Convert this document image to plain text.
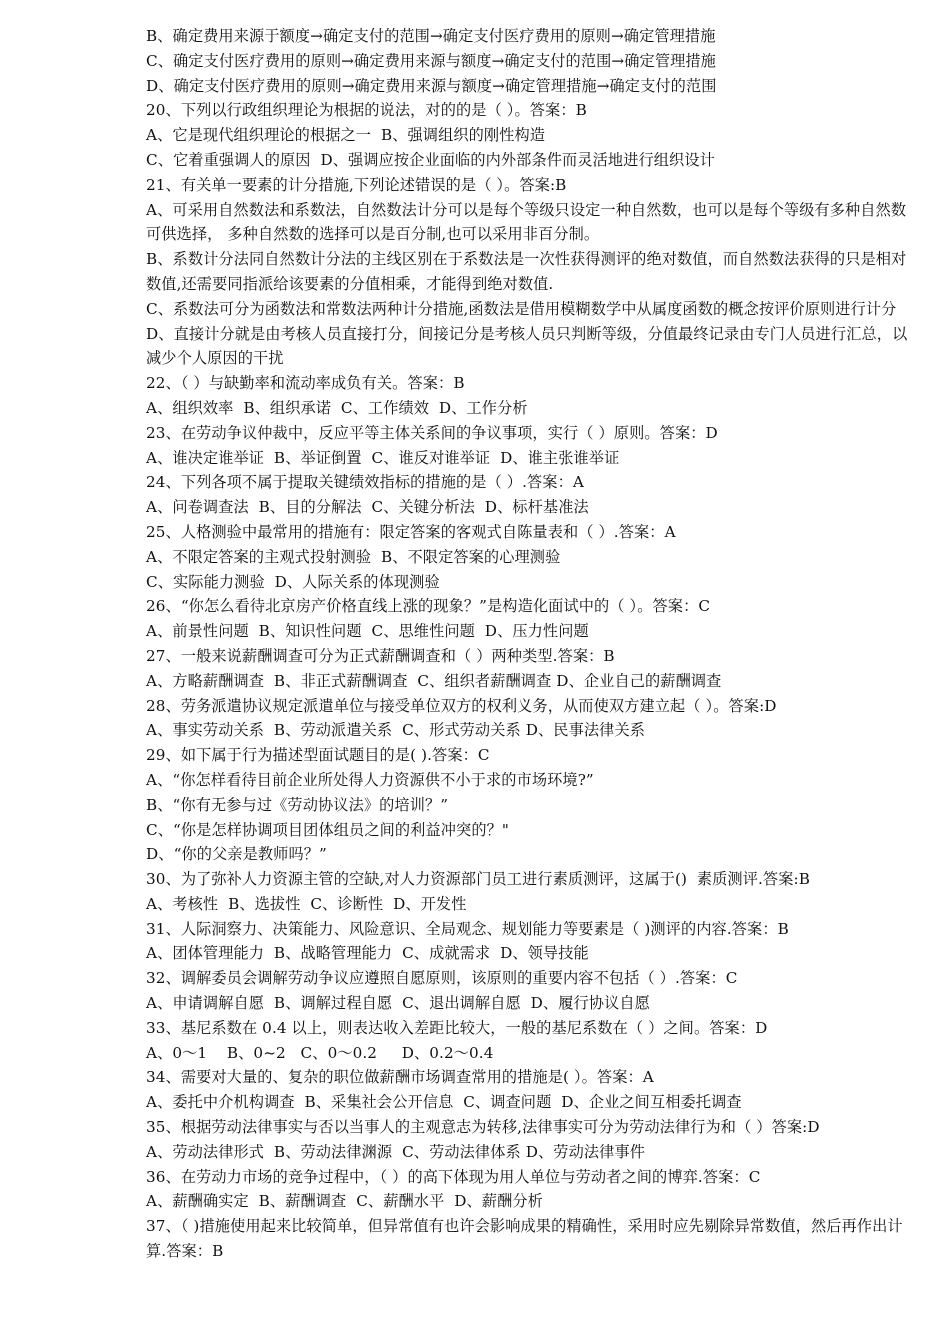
B、确定费用来源于额度→确定支付的范围→确定支付医疗费用的原则→确定管理措施

C、确定支付医疗费用的原则→确定费用来源与额度→确定支付的范围→确定管理措施

D、确定支付医疗费用的原则→确定费用来源与额度→确定管理措施→确定支付的范围

20、下列以行政组织理论为根据的说法，对的的是（ ）。答案：B

A、它是现代组织理论的根据之一  B、强调组织的刚性构造

C、它着重强调人的原因  D、强调应按企业面临的内外部条件而灵活地进行组织设计

21、有关单一要素的计分措施,下列论述错误的是（ ）。答案:B

A、可采用自然数法和系数法，自然数法计分可以是每个等级只设定一种自然数，也可以是每个等级有多种自然数可供选择， 多种自然数的选择可以是百分制,也可以采用非百分制。

B、系数计分法同自然数计分法的主线区别在于系数法是一次性获得测评的绝对数值，而自然数法获得的只是相对数值,还需要同指派给该要素的分值相乘，才能得到绝对数值.

C、系数法可分为函数法和常数法两种计分措施,函数法是借用模糊数学中从属度函数的概念按评价原则进行计分

D、直接计分就是由考核人员直接打分，间接记分是考核人员只判断等级，分值最终记录由专门人员进行汇总，以减少个人原因的干扰

22、（ ）与缺勤率和流动率成负有关。答案：B

A、组织效率  B、组织承诺  C、工作绩效  D、工作分析

23、在劳动争议仲裁中，反应平等主体关系间的争议事项，实行（ ）原则。答案：D

A、谁决定谁举证  B、举证倒置  C、谁反对谁举证  D、谁主张谁举证

24、下列各项不属于提取关键绩效指标的措施的是（ ）.答案：A

A、问卷调查法  B、目的分解法  C、关键分析法  D、标杆基准法

25、人格测验中最常用的措施有：限定答案的客观式自陈量表和（ ）.答案：A

A、不限定答案的主观式投射测验  B、不限定答案的心理测验

C、实际能力测验  D、人际关系的体现测验

26、“你怎么看待北京房产价格直线上涨的现象？”是构造化面试中的（ ）。答案：C

A、前景性问题  B、知识性问题  C、思维性问题  D、压力性问题

27、一般来说薪酬调查可分为正式薪酬调查和（ ）两种类型.答案：B

A、方略薪酬调查  B、非正式薪酬调查  C、组织者薪酬调查 D、企业自己的薪酬调查

28、劳务派遣协议规定派遣单位与接受单位双方的权利义务，从而使双方建立起（ ）。答案:D

A、事实劳动关系  B、劳动派遣关系  C、形式劳动关系 D、民事法律关系

29、如下属于行为描述型面试题目的是( ).答案：C

A、“你怎样看待目前企业所处得人力资源供不小于求的市场环境?”

B、“你有无参与过《劳动协议法》的培训？”

C、“你是怎样协调项目团体组员之间的利益冲突的？"

D、“你的父亲是教师吗？”

30、为了弥补人力资源主管的空缺,对人力资源部门员工进行素质测评，这属于()  素质测评.答案:B

A、考核性  B、选拔性  C、诊断性  D、开发性

31、人际洞察力、决策能力、风险意识、全局观念、规划能力等要素是（ )测评的内容.答案：B

A、团体管理能力  B、战略管理能力  C、成就需求  D、领导技能

32、调解委员会调解劳动争议应遵照自愿原则，该原则的重要内容不包括（ ）.答案：C

A、申请调解自愿  B、调解过程自愿  C、退出调解自愿  D、履行协议自愿

33、基尼系数在 0.4 以上，则表达收入差距比较大，一般的基尼系数在（ ）之间。答案：D

A、0～1    B、0~2   C、0～0.2     D、0.2～0.4

34、需要对大量的、复杂的职位做薪酬市场调查常用的措施是( ）。答案：A

A、委托中介机构调查  B、采集社会公开信息  C、调查问题  D、企业之间互相委托调查

35、根据劳动法律事实与否以当事人的主观意志为转移,法律事实可分为劳动法律行为和（ ）答案:D

A、劳动法律形式  B、劳动法律渊源  C、劳动法律体系 D、劳动法律事件

36、在劳动力市场的竞争过程中，（ ）的高下体现为用人单位与劳动者之间的博弈.答案：C

A、薪酬确实定  B、薪酬调查  C、薪酬水平  D、薪酬分析

37、（ )措施使用起来比较简单，但异常值有也许会影响成果的精确性，采用时应先剔除异常数值，然后再作出计算.答案：B
